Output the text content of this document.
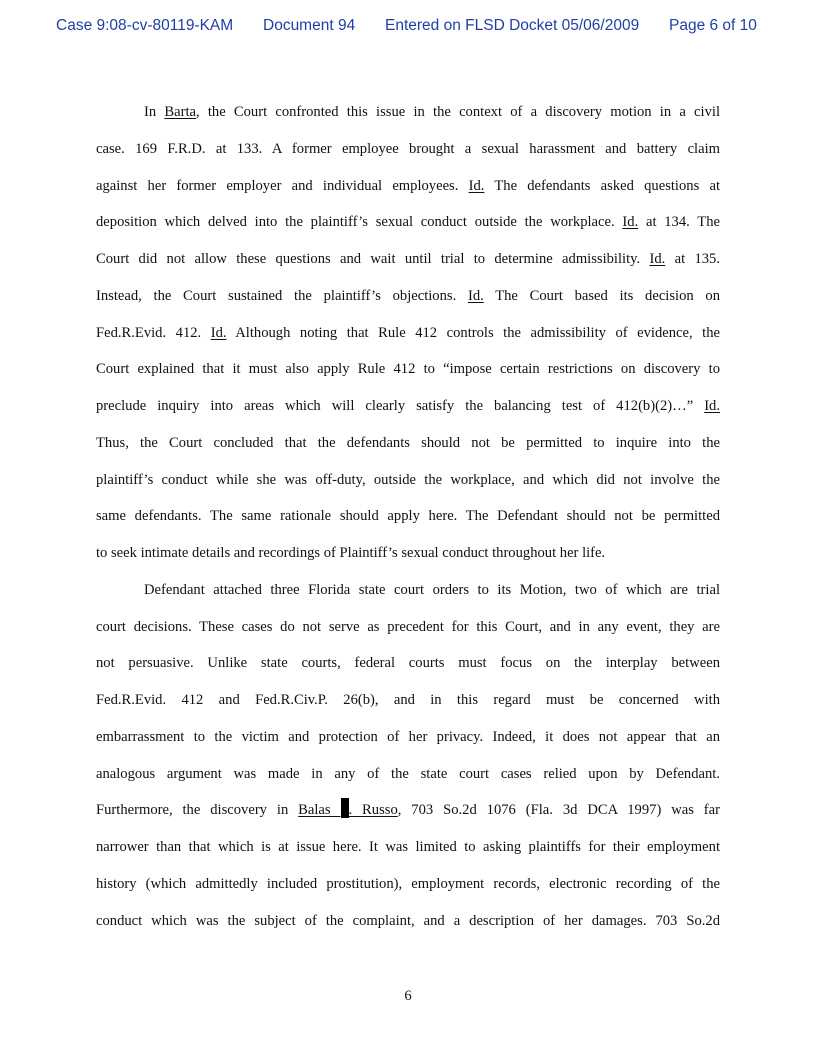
Case 9:08-cv-80119-KAM Document 94 Entered on FLSD Docket 05/06/2009 Page 6 of 10
In Barta, the Court confronted this issue in the context of a discovery motion in a civil
case. 169 F.R.D. at 133. A former employee brought a sexual harassment and battery claim
against her former employer and individual employees. Id. The defendants asked questions at
deposition which delved into the plaintiff’s sexual conduct outside the workplace. Id. at 134. The
Court did not allow these questions and wait until trial to determine admissibility. Id. at 135.
Instead, the Court sustained the plaintiff’s objections. Id. The Court based its decision on
Fed.R.Evid. 412. Id. Although noting that Rule 412 controls the admissibility of evidence, the
Court explained that it must also apply Rule 412 to “impose certain restrictions on discovery to
preclude inquiry into areas which will clearly satisfy the balancing test of 412(b)(2)…” Id.
Thus, the Court concluded that the defendants should not be permitted to inquire into the
plaintiff’s conduct while she was off-duty, outside the workplace, and which did not involve the
same defendants. The same rationale should apply here. The Defendant should not be permitted
to seek intimate details and recordings of Plaintiff’s sexual conduct throughout her life.
Defendant attached three Florida state court orders to its Motion, two of which are trial
court decisions. These cases do not serve as precedent for this Court, and in any event, they are
not persuasive. Unlike state courts, federal courts must focus on the interplay between
Fed.R.Evid. 412 and Fed.R.Civ.P. 26(b), and in this regard must be concerned with
embarrassment to the victim and protection of her privacy. Indeed, it does not appear that an
analogous argument was made in any of the state court cases relied upon by Defendant.
Furthermore, the discovery in Balas . Russo, 703 So.2d 1076 (Fla. 3d DCA 1997) was far
narrower than that which is at issue here. It was limited to asking plaintiffs for their employment
history (which admittedly included prostitution), employment records, electronic recording of the
conduct which was the subject of the complaint, and a description of her damages. 703 So.2d
6
